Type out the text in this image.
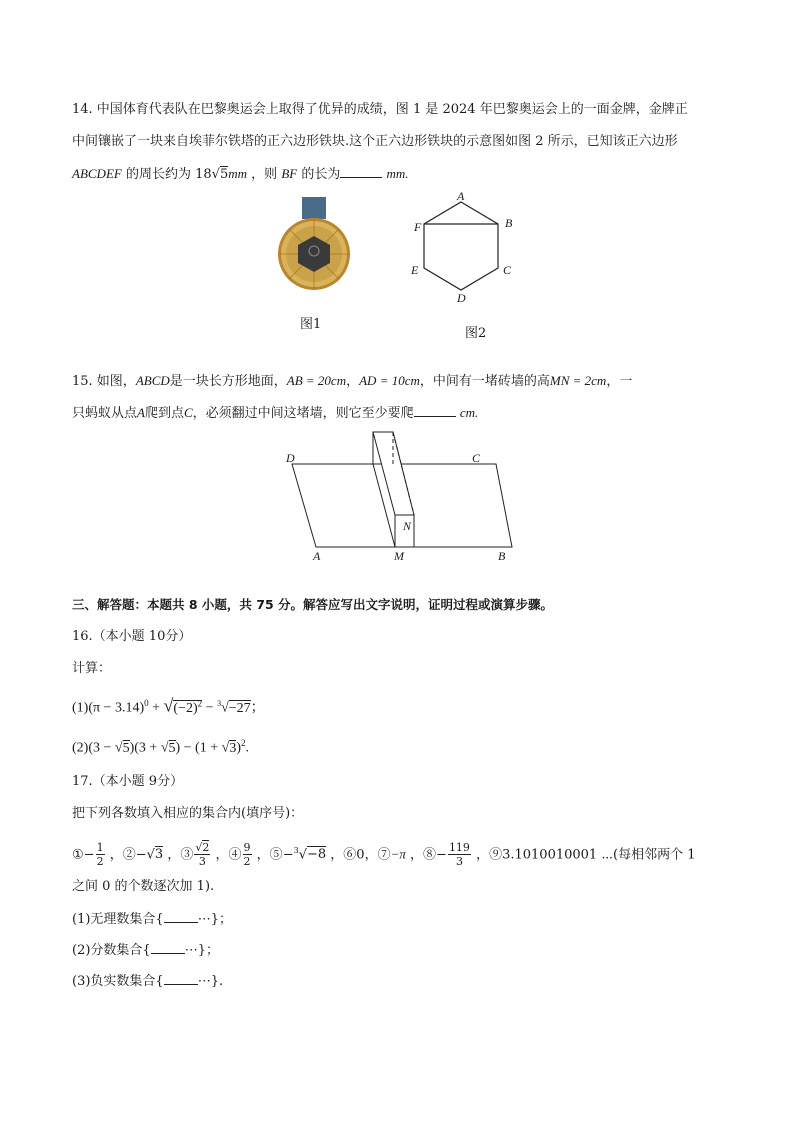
14. 中国体育代表队在巴黎奥运会上取得了优异的成绩，图 1 是 2024 年巴黎奥运会上的一面金牌，金牌正
中间镶嵌了一块来自埃菲尔铁塔的正六边形铁块.这个正六边形铁块的示意图如图 2 所示，已知该正六边形
ABCDEF 的周长约为 18√5mm ，则 BF 的长为	mm.
图1
A
B
C
D
E
F
图2
15. 如图，ABCD是一块长方形地面，AB = 20cm，AD = 10cm，中间有一堵砖墙的高MN = 2cm，一
只蚂蚁从点A爬到点C，必须翻过中间这堵墙，则它至少要爬	cm.
D	C
A	M	B
N
三、解答题：本题共 8 小题，共 75 分。解答应写出文字说明，证明过程或演算步骤。
16.（本小题 10分）
计算：
$(1)(\pi - 3.14)^0 + √(-2)^2 - ^3√-27$；
$(2)(3 - √5)(3 + √5) - (1 + √3)^2$.
17.（本小题 9分）
把下列各数填入相应的集合内(填序号)：
①− $\frac{1}{2}$ ，②−√3 ，③ $\frac{√2}{3}$ ，④ $\frac{9}{2}$ ，⑤−$^3$√−8 ，⑥0，⑦−π ，⑧− $\frac{119}{3}$ ，⑨3.1010010001 ⋯(每相邻两个 1
之间 0 的个数逐次加 1).
(1)无理数集合{	⋯}；
(2)分数集合{	⋯}；
(3)负实数集合{	⋯}.
